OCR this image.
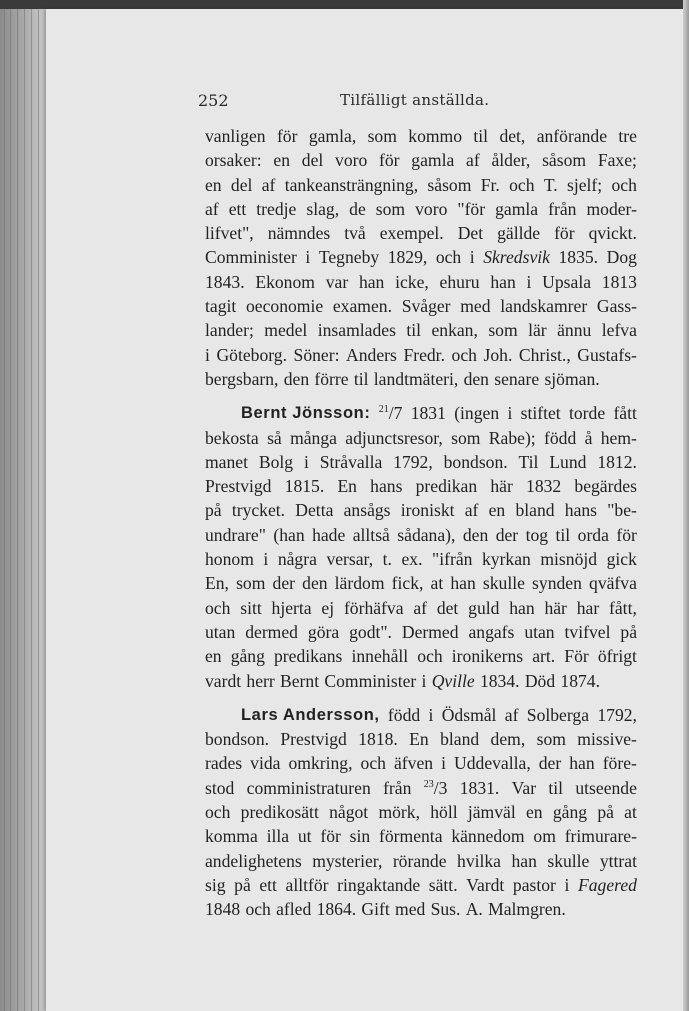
252	Tilfälligt anställda.
vanligen för gamla, som kommo til det, anförande tre
orsaker: en del voro för gamla af ålder, såsom Faxe;
en del af tankeansträngning, såsom Fr. och T. sjelf; och
af ett tredje slag, de som voro "för gamla från moder-
lifvet", nämndes två exempel. Det gällde för qvickt.
Comminister i Tegneby 1829, och i Skredsvik 1835. Dog
1843. Ekonom var han icke, ehuru han i Upsala 1813
tagit oeconomie examen. Svåger med landskamrer Gass-
lander; medel insamlades til enkan, som lär ännu lefva
i Göteborg. Söner: Anders Fredr. och Joh. Christ., Gustafs-
bergsbarn, den förre til landtmäteri, den senare sjöman.
Bernt Jönsson: $^{21}$/7 1831 (ingen i stiftet torde fått
bekosta så många adjunctsresor, som Rabe); född å hem-
manet Bolg i Stråvalla 1792, bondson. Til Lund 1812.
Prestvigd 1815. En hans predikan här 1832 begärdes
på trycket. Detta ansågs ironiskt af en bland hans "be-
undrare" (han hade alltså sådana), den der tog til orda för
honom i några versar, t. ex. "ifrån kyrkan misnöjd gick
En, som der den lärdom fick, at han skulle synden qväfva
och sitt hjerta ej förhäfva af det guld han här har fått,
utan dermed göra godt". Dermed angafs utan tvifvel på
en gång predikans innehåll och ironikerns art. För öfrigt
vardt herr Bernt Comminister i Qville 1834. Död 1874.
Lars Andersson, född i Ödsmål af Solberga 1792,
bondson. Prestvigd 1818. En bland dem, som missive-
rades vida omkring, och äfven i Uddevalla, der han före-
stod comministraturen från $^{23}$/3 1831. Var til utseende
och predikosätt något mörk, höll jämväl en gång på at
komma illa ut för sin förmenta kännedom om frimurare-
andelighetens mysterier, rörande hvilka han skulle yttrat
sig på ett alltför ringaktande sätt. Vardt pastor i Fagered
1848 och afled 1864. Gift med Sus. A. Malmgren.
